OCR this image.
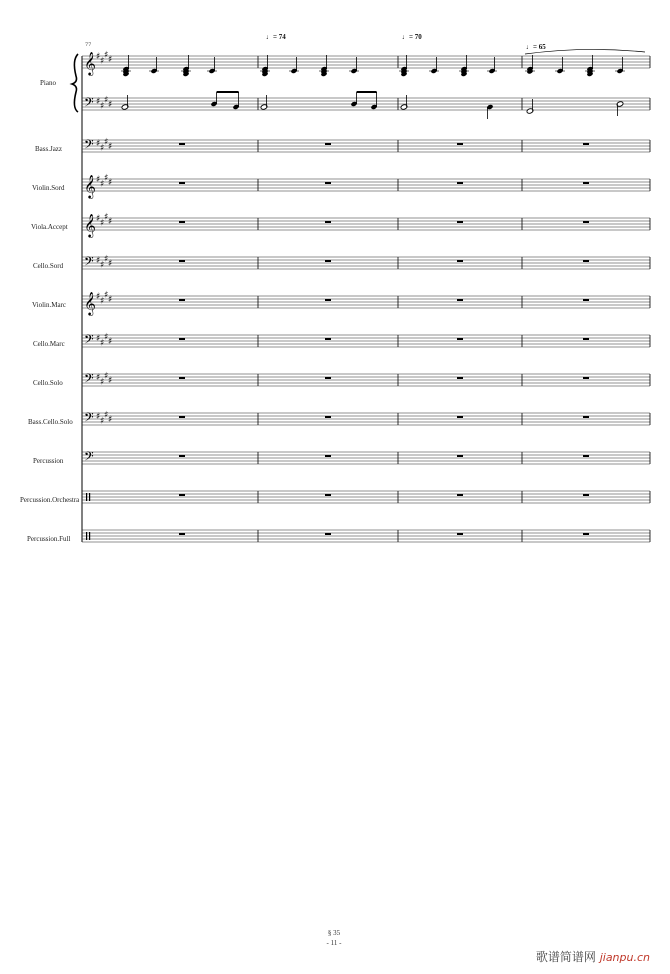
𝄞 ♯ ♯
♯ ♯
𝄢 ♯ ♯
♯ ♯
𝄢 ♯ ♯
♯ ♯
𝄞 ♯ ♯
♯ ♯
𝄞 ♯ ♯
♯ ♯
𝄢 ♯ ♯
♯ ♯
𝄞 ♯ ♯
♯ ♯
𝄢 ♯ ♯
♯ ♯
𝄢 ♯ ♯
♯ ♯
𝄢 ♯ ♯
♯ ♯
𝄢
77
♩= 74	♩= 70
♩= 65
Piano
Bass.Jazz
Violin.Sord
Viola.Accept
Cello.Sord
Violin.Marc
Cello.Marc
Cello.Solo
Bass.Cello.Solo
Percussion
Percussion.Orchestra
Percussion.Full
§ 35
- 11 -
歌谱简谱网 jianpu.cn
